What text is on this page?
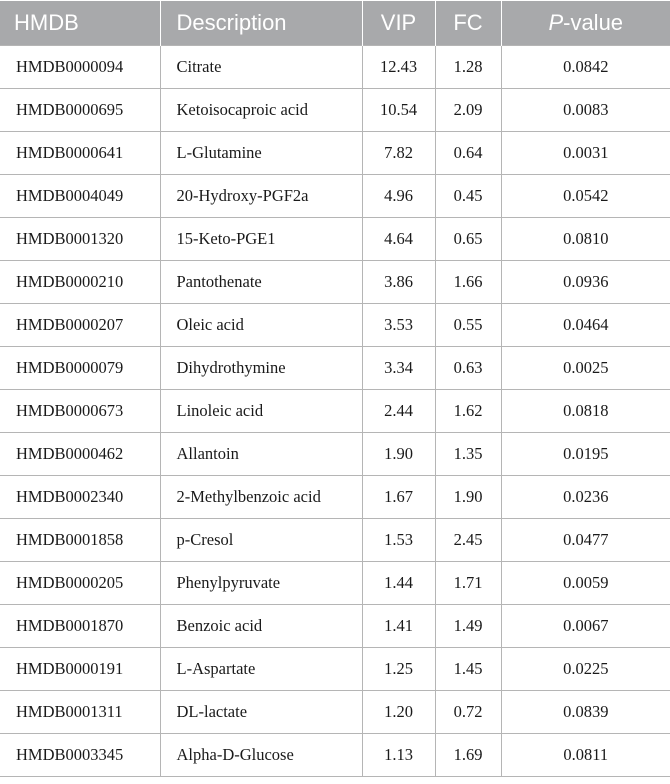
HMDB	Description	VIP	FC	P-value
HMDB0000094	Citrate	12.43	1.28	0.0842
HMDB0000695	Ketoisocaproic acid	10.54	2.09	0.0083
HMDB0000641	L-Glutamine	7.82	0.64	0.0031
HMDB0004049	20-Hydroxy-PGF2a	4.96	0.45	0.0542
HMDB0001320	15-Keto-PGE1	4.64	0.65	0.0810
HMDB0000210	Pantothenate	3.86	1.66	0.0936
HMDB0000207	Oleic acid	3.53	0.55	0.0464
HMDB0000079	Dihydrothymine	3.34	0.63	0.0025
HMDB0000673	Linoleic acid	2.44	1.62	0.0818
HMDB0000462	Allantoin	1.90	1.35	0.0195
HMDB0002340	2-Methylbenzoic acid	1.67	1.90	0.0236
HMDB0001858	p-Cresol	1.53	2.45	0.0477
HMDB0000205	Phenylpyruvate	1.44	1.71	0.0059
HMDB0001870	Benzoic acid	1.41	1.49	0.0067
HMDB0000191	L-Aspartate	1.25	1.45	0.0225
HMDB0001311	DL-lactate	1.20	0.72	0.0839
HMDB0003345	Alpha-D-Glucose	1.13	1.69	0.0811
